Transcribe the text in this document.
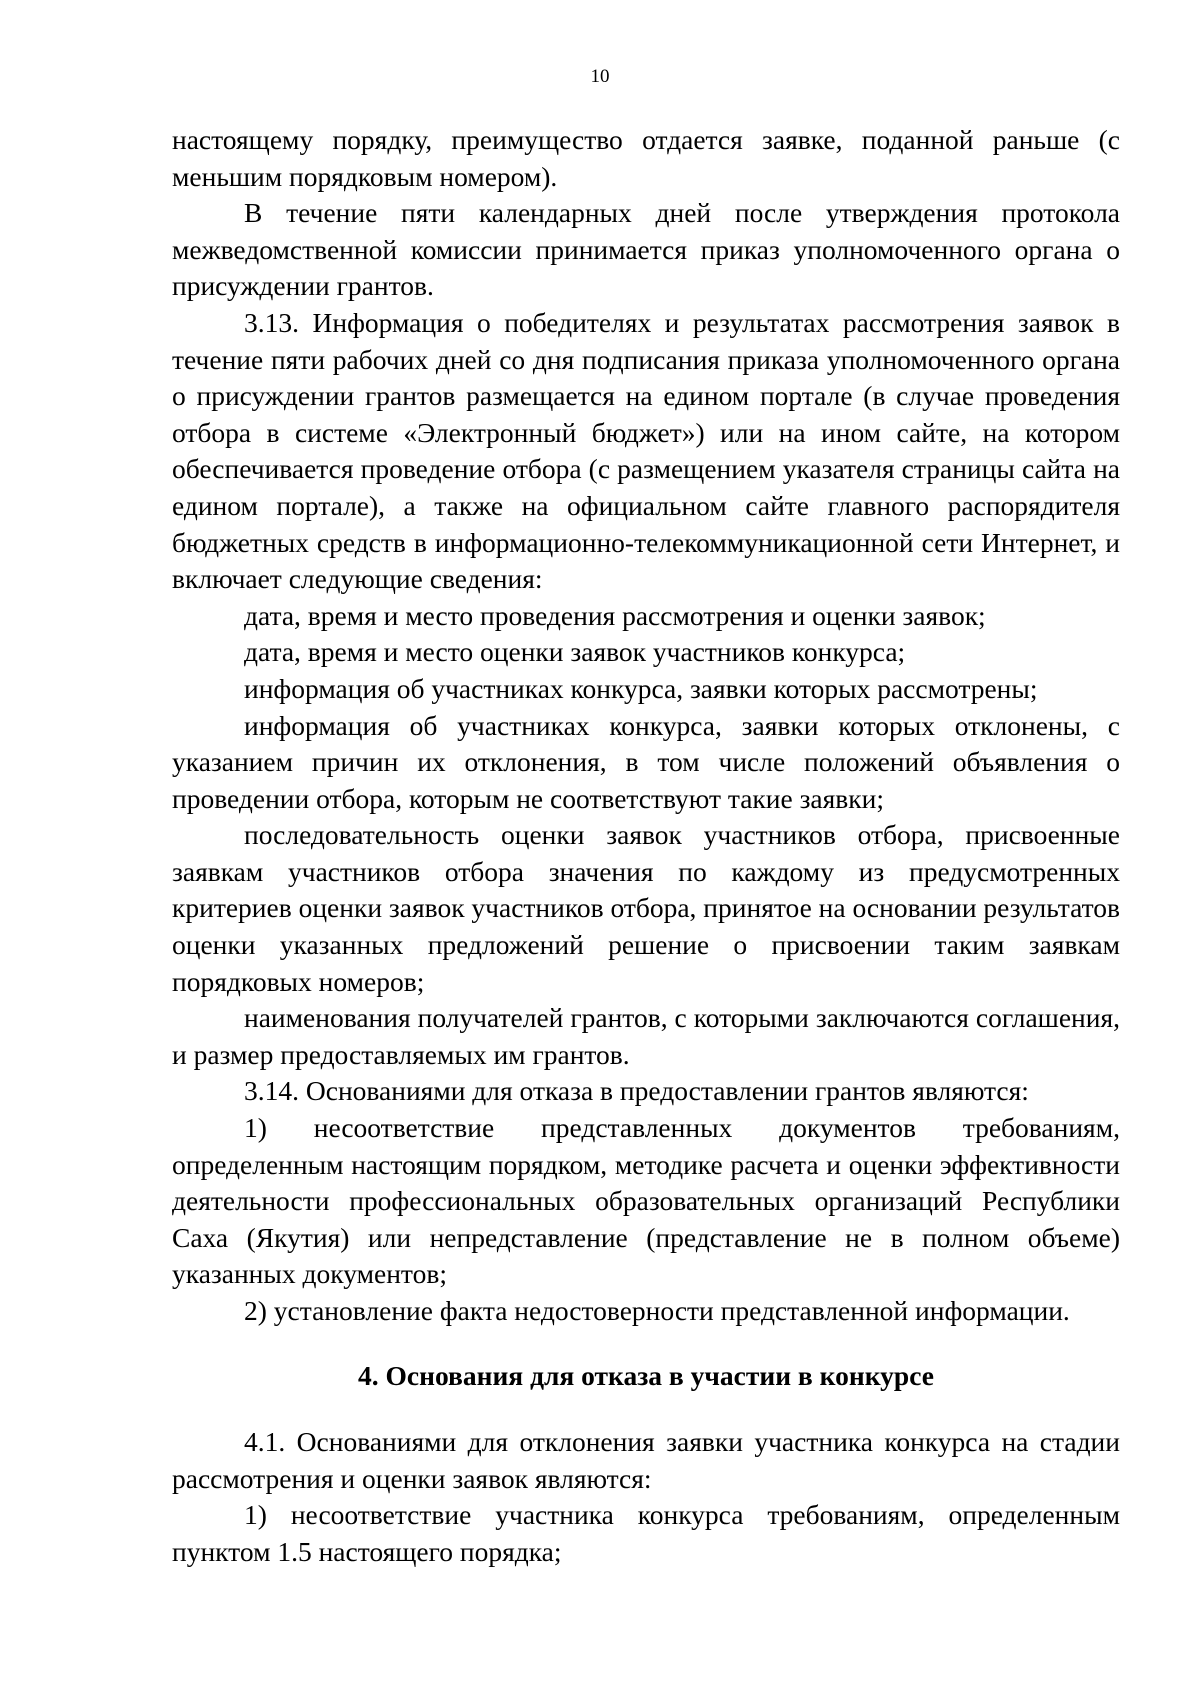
10

настоящему порядку, преимущество отдается заявке, поданной раньше (с меньшим порядковым номером).

В течение пяти календарных дней после утверждения протокола межведомственной комиссии принимается приказ уполномоченного органа о присуждении грантов.

3.13. Информация о победителях и результатах рассмотрения заявок в течение пяти рабочих дней со дня подписания приказа уполномоченного органа о присуждении грантов размещается на едином портале (в случае проведения отбора в системе «Электронный бюджет») или на ином сайте, на котором обеспечивается проведение отбора (с размещением указателя страницы сайта на едином портале), а также на официальном сайте главного распорядителя бюджетных средств в информационно-телекоммуникационной сети Интернет, и включает следующие сведения:

дата, время и место проведения рассмотрения и оценки заявок;

дата, время и место оценки заявок участников конкурса;

информация об участниках конкурса, заявки которых рассмотрены;

информация об участниках конкурса, заявки которых отклонены, с указанием причин их отклонения, в том числе положений объявления о проведении отбора, которым не соответствуют такие заявки;

последовательность оценки заявок участников отбора, присвоенные заявкам участников отбора значения по каждому из предусмотренных критериев оценки заявок участников отбора, принятое на основании результатов оценки указанных предложений решение о присвоении таким заявкам порядковых номеров;

наименования получателей грантов, с которыми заключаются соглашения, и размер предоставляемых им грантов.

3.14. Основаниями для отказа в предоставлении грантов являются:

1) несоответствие представленных документов требованиям, определенным настоящим порядком, методике расчета и оценки эффективности деятельности профессиональных образовательных организаций Республики Саха (Якутия) или непредставление (представление не в полном объеме) указанных документов;

2) установление факта недостоверности представленной информации.

4. Основания для отказа в участии в конкурсе

4.1. Основаниями для отклонения заявки участника конкурса на стадии рассмотрения и оценки заявок являются:

1) несоответствие участника конкурса требованиям, определенным пунктом 1.5 настоящего порядка;
